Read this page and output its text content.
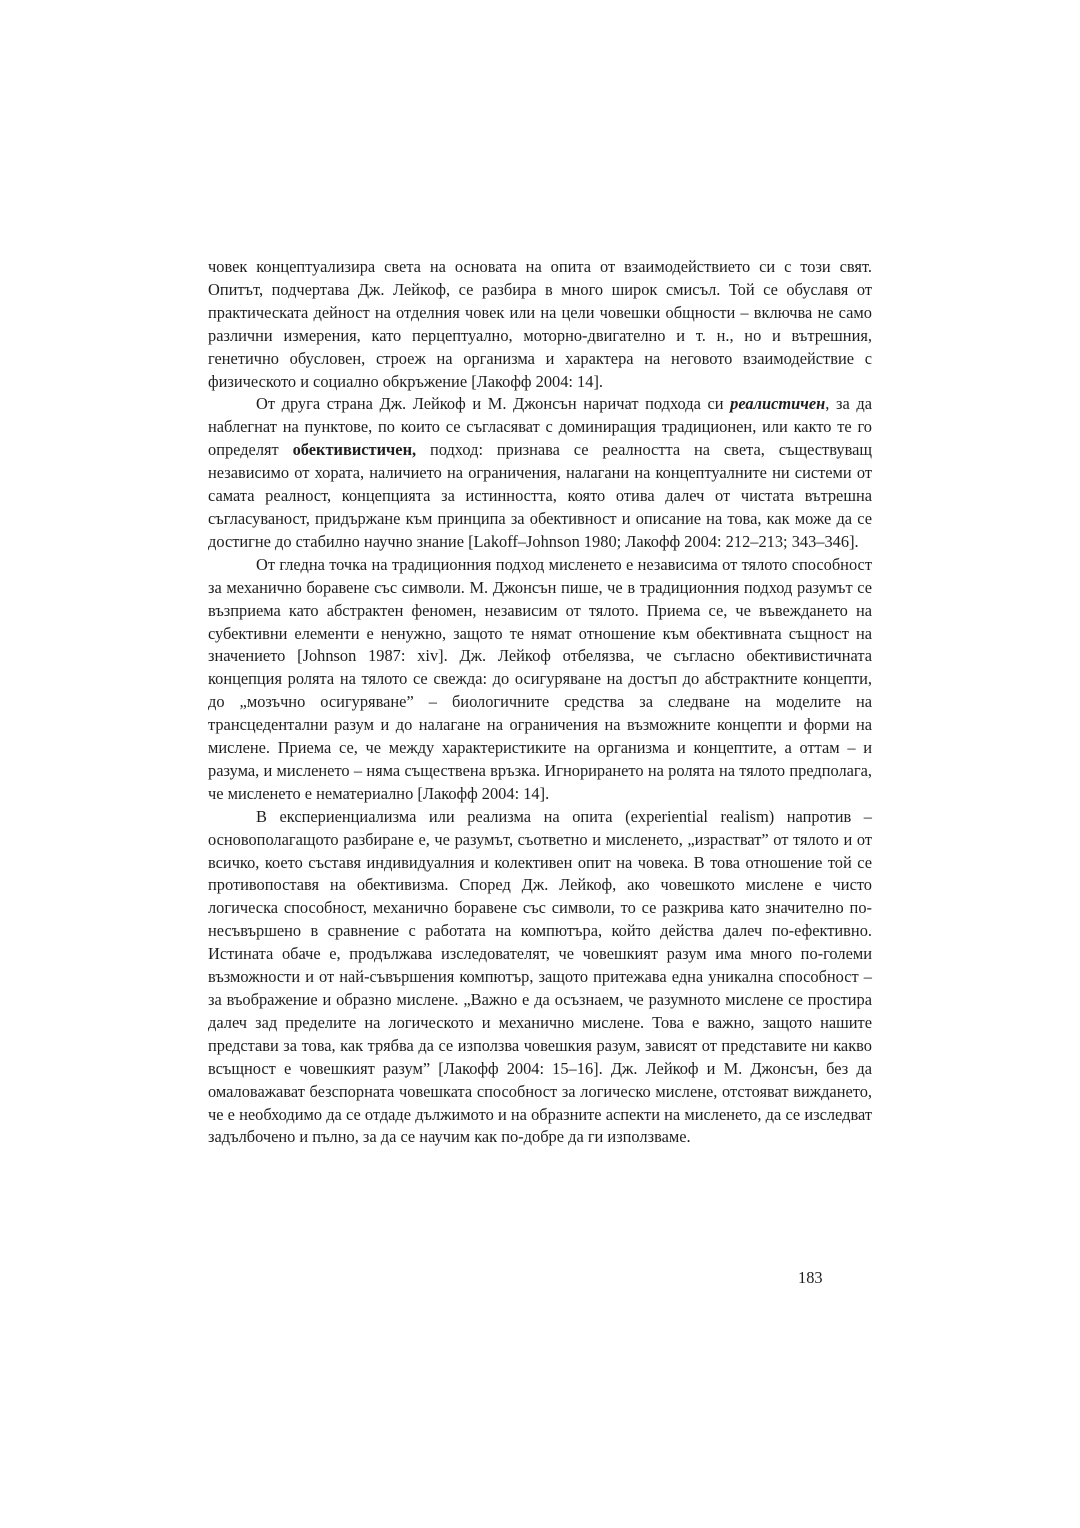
човек концептуализира света на основата на опита от взаимодействието си с този свят. Опитът, подчертава Дж. Лейкоф, се разбира в много широк смисъл. Той се обуславя от практическата дейност на отделния човек или на цели човешки общности – включва не само различни измерения, като перцептуално, моторно-двигателно и т. н., но и вътрешния, генетично обусловен, строеж на организма и характера на неговото взаимодействие с физическото и социално обкръжение [Лакофф 2004: 14].

От друга страна Дж. Лейкоф и М. Джонсън наричат подхода си реалистичен, за да наблегнат на пунктове, по които се съгласяват с доминиращия традиционен, или както те го определят обективистичен, подход: признава се реалността на света, съществуващ независимо от хората, наличието на ограничения, налагани на концептуалните ни системи от самата реалност, концепцията за истинността, която отива далеч от чистата вътрешна съгласуваност, придържане към принципа за обективност и описание на това, как може да се достигне до стабилно научно знание [Lakoff–Johnson 1980; Лакофф 2004: 212–213; 343–346].

От гледна точка на традиционния подход мисленето е независима от тялото способност за механично боравене със символи. М. Джонсън пише, че в традиционния подход разумът се възприема като абстрактен феномен, независим от тялото. Приема се, че въвеждането на субективни елементи е ненужно, защото те нямат отношение към обективната същност на значението [Johnson 1987: xiv]. Дж. Лейкоф отбелязва, че съгласно обективистичната концепция ролята на тялото се свежда: до осигуряване на достъп до абстрактните концепти, до „мозъчно осигуряване” – биологичните средства за следване на моделите на трансцедентални разум и до налагане на ограничения на възможните концепти и форми на мислене. Приема се, че между характеристиките на организма и концептите, а оттам – и разума, и мисленето – няма съществена връзка. Игнорирането на ролята на тялото предполага, че мисленето е нематериално [Лакофф 2004: 14].

В експериенциализма или реализма на опита (experiential realism) напротив – основополагащото разбиране е, че разумът, съответно и мисленето, „израстват” от тялото и от всичко, което съставя индивидуалния и колективен опит на човека. В това отношение той се противопоставя на обективизма. Според Дж. Лейкоф, ако човешкото мислене е чисто логическа способност, механично боравене със символи, то се разкрива като значително по-несъвършено в сравнение с работата на компютъра, който действа далеч по-ефективно. Истината обаче е, продължава изследователят, че човешкият разум има много по-големи възможности и от най-съвършения компютър, защото притежава една уникална способност – за въображение и образно мислене. „Важно е да осъзнаем, че разумното мислене се простира далеч зад пределите на логическото и механично мислене. Това е важно, защото нашите представи за това, как трябва да се използва човешкия разум, зависят от представите ни какво всъщност е човешкият разум” [Лакофф 2004: 15–16]. Дж. Лейкоф и М. Джонсън, без да омаловажават безспорната човешката способност за логическо мислене, отстояват виждането, че е необходимо да се отдаде дължимото и на образните аспекти на мисленето, да се изследват задълбочено и пълно, за да се научим как по-добре да ги използваме.

183
